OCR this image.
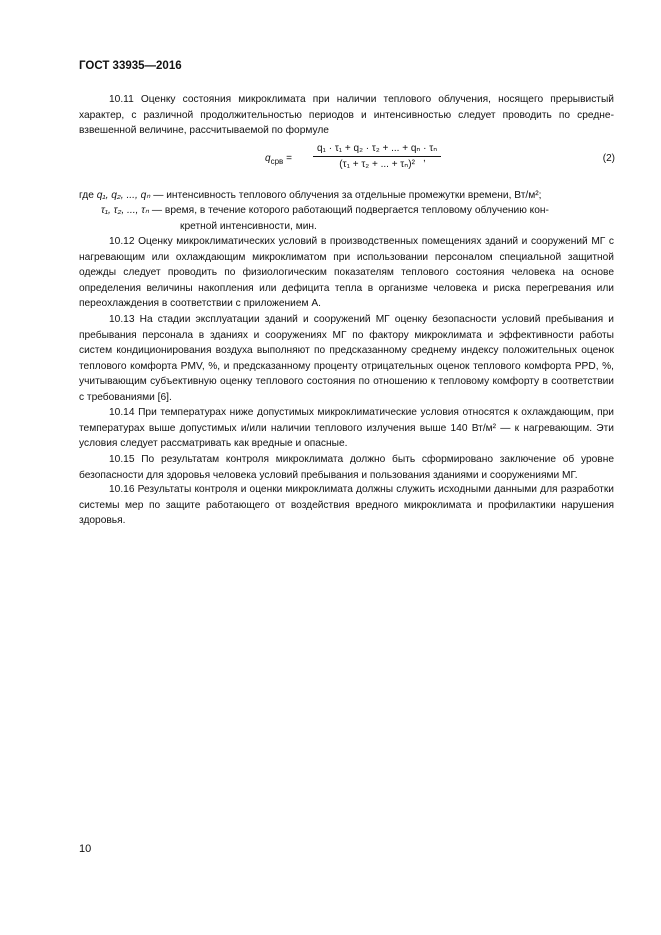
ГОСТ 33935—2016
10.11 Оценку состояния микроклимата при наличии теплового облучения, носящего прерывистый характер, с различной продолжительностью периодов и интенсивностью следует проводить по средне-взвешенной величине, рассчитываемой по формуле
$q_{срв} = \frac{\text{q₁ · τ₁ + q₂ · τ₂ + ... + qₙ · τₙ}}{\text{(τ₁ + τ₂ + ... + τₙ)²}}$
,	(2)
где q₁, q₂, ..., qₙ — интенсивность теплового облучения за отдельные промежутки времени, Вт/м²;
τ₁, τ₂, ..., τₙ — время, в течение которого работающий подвергается тепловому облучению кон-
кретной интенсивности, мин.
10.12 Оценку микроклиматических условий в производственных помещениях зданий и сооружений МГ с нагревающим или охлаждающим микроклиматом при использовании персоналом специальной защитной одежды следует проводить по физиологическим показателям теплового состояния человека на основе определения величины накопления или дефицита тепла в организме человека и риска перегревания или переохлаждения в соответствии с приложением А.
10.13 На стадии эксплуатации зданий и сооружений МГ оценку безопасности условий пребывания и пребывания персонала в зданиях и сооружениях МГ по фактору микроклимата и эффективности работы систем кондиционирования воздуха выполняют по предсказанному среднему индексу положительных оценок теплового комфорта PMV, %, и предсказанному проценту отрицательных оценок теплового комфорта PPD, %, учитывающим субъективную оценку теплового состояния по отношению к тепловому комфорту в соответствии с требованиями [6].
10.14 При температурах ниже допустимых микроклиматические условия относятся к охлаждающим, при температурах выше допустимых и/или наличии теплового излучения выше 140 Вт/м² — к нагревающим. Эти условия следует рассматривать как вредные и опасные.
10.15 По результатам контроля микроклимата должно быть сформировано заключение об уровне безопасности для здоровья человека условий пребывания и пользования зданиями и сооружениями МГ.
10.16 Результаты контроля и оценки микроклимата должны служить исходными данными для разработки системы мер по защите работающего от воздействия вредного микроклимата и профилактики нарушения здоровья.
10
